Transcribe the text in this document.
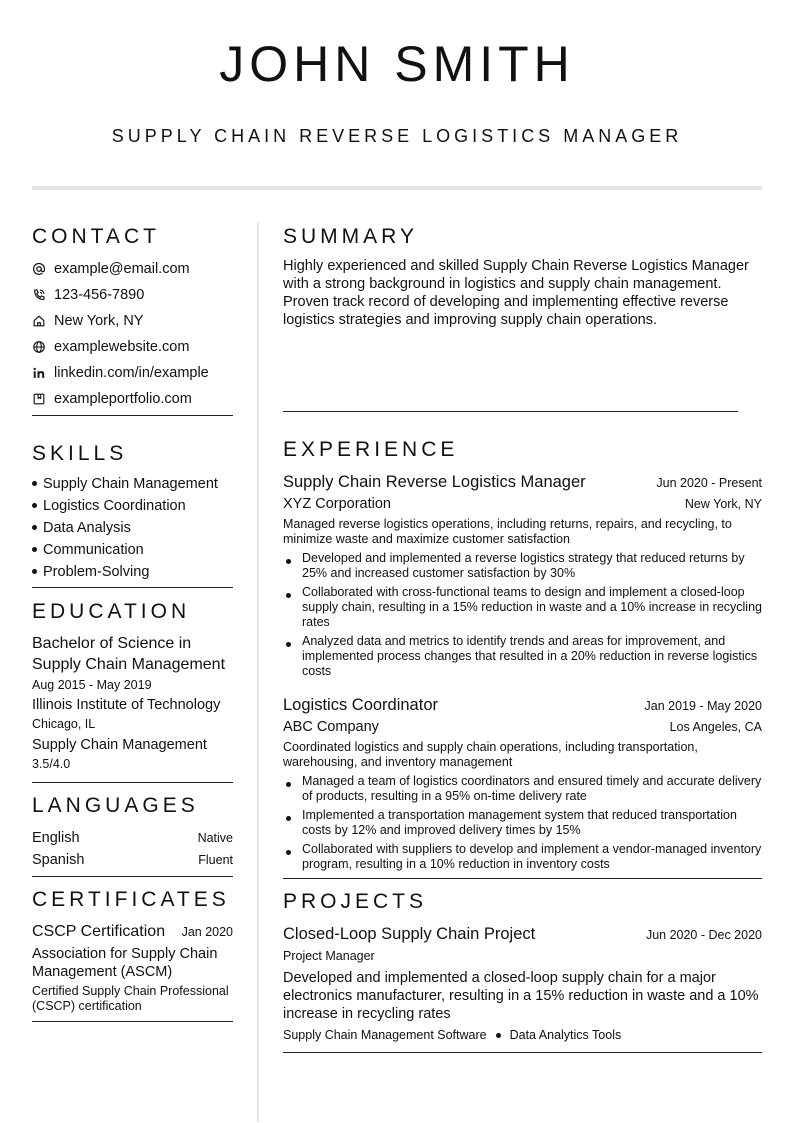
JOHN SMITH
SUPPLY CHAIN REVERSE LOGISTICS MANAGER
CONTACT
example@email.com
123-456-7890
New York, NY
examplewebsite.com
linkedin.com/in/example
exampleportfolio.com
SKILLS
Supply Chain Management
Logistics Coordination
Data Analysis
Communication
Problem-Solving
EDUCATION
Bachelor of Science in Supply Chain Management
Aug 2015 - May 2019
Illinois Institute of Technology
Chicago, IL
Supply Chain Management
3.5/4.0
LANGUAGES
English	Native
Spanish	Fluent
CERTIFICATES
CSCP Certification Jan 2020
Association for Supply Chain Management (ASCM)
Certified Supply Chain Professional (CSCP) certification
SUMMARY
Highly experienced and skilled Supply Chain Reverse Logistics Manager with a strong background in logistics and supply chain management. Proven track record of developing and implementing effective reverse logistics strategies and improving supply chain operations.
EXPERIENCE
Supply Chain Reverse Logistics Manager	Jun 2020 - Present
XYZ Corporation	New York, NY
Managed reverse logistics operations, including returns, repairs, and recycling, to minimize waste and maximize customer satisfaction
Developed and implemented a reverse logistics strategy that reduced returns by 25% and increased customer satisfaction by 30%
Collaborated with cross-functional teams to design and implement a closed-loop supply chain, resulting in a 15% reduction in waste and a 10% increase in recycling rates
Analyzed data and metrics to identify trends and areas for improvement, and implemented process changes that resulted in a 20% reduction in reverse logistics costs
Logistics Coordinator	Jan 2019 - May 2020
ABC Company	Los Angeles, CA
Coordinated logistics and supply chain operations, including transportation, warehousing, and inventory management
Managed a team of logistics coordinators and ensured timely and accurate delivery of products, resulting in a 95% on-time delivery rate
Implemented a transportation management system that reduced transportation costs by 12% and improved delivery times by 15%
Collaborated with suppliers to develop and implement a vendor-managed inventory program, resulting in a 10% reduction in inventory costs
PROJECTS
Closed-Loop Supply Chain Project	Jun 2020 - Dec 2020
Project Manager
Developed and implemented a closed-loop supply chain for a major electronics manufacturer, resulting in a 15% reduction in waste and a 10% increase in recycling rates
Supply Chain Management Software Data Analytics Tools
